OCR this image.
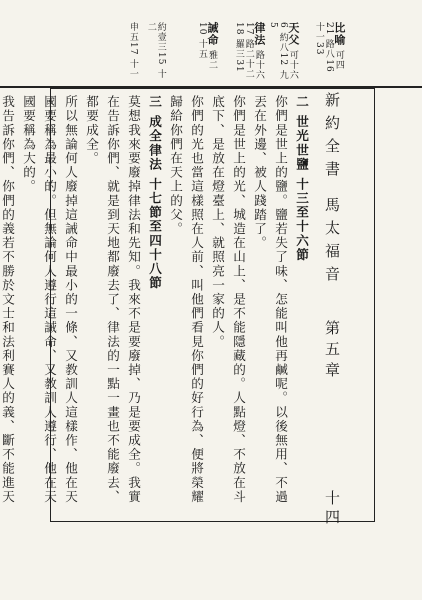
新約全書 馬太福音
第五章
十四
比喻 可四21 路八16 十一33
天父 可十六6 約八12 九5
律法 路十六17 路二十二18 羅三31
誡命 雅二10 十五
申五17 十一	約壹三15 十二

二 世光世鹽 十三至十六節

你們是世上的鹽。鹽若失了味、怎能叫他再鹹呢。以後無用、不過丟在外邊、被人踐踏了。

你們是世上的光、城造在山上、是不能隱藏的。人點燈、不放在斗底下、是放在燈臺上、就照亮一家的人。

你們的光也當這樣照在人前、叫他們看見你們的好行為、便將榮耀歸給你們在天上的父。

三 成全律法 十七節至四十八節

莫想我來要廢掉律法和先知。我來不是要廢掉、乃是要成全。我實在告訴你們、就是到天地都廢去了、律法的一點一畫也不能廢去、都要成全。

所以無論何人廢掉這誡命中最小的一條、又教訓人這樣作、他在天國要稱為最小的。但無論何人遵行這誡命、又教訓人遵行、他在天國要稱為大的。

我告訴你們、你們的義若不勝於文士和法利賽人的義、斷不能進天
